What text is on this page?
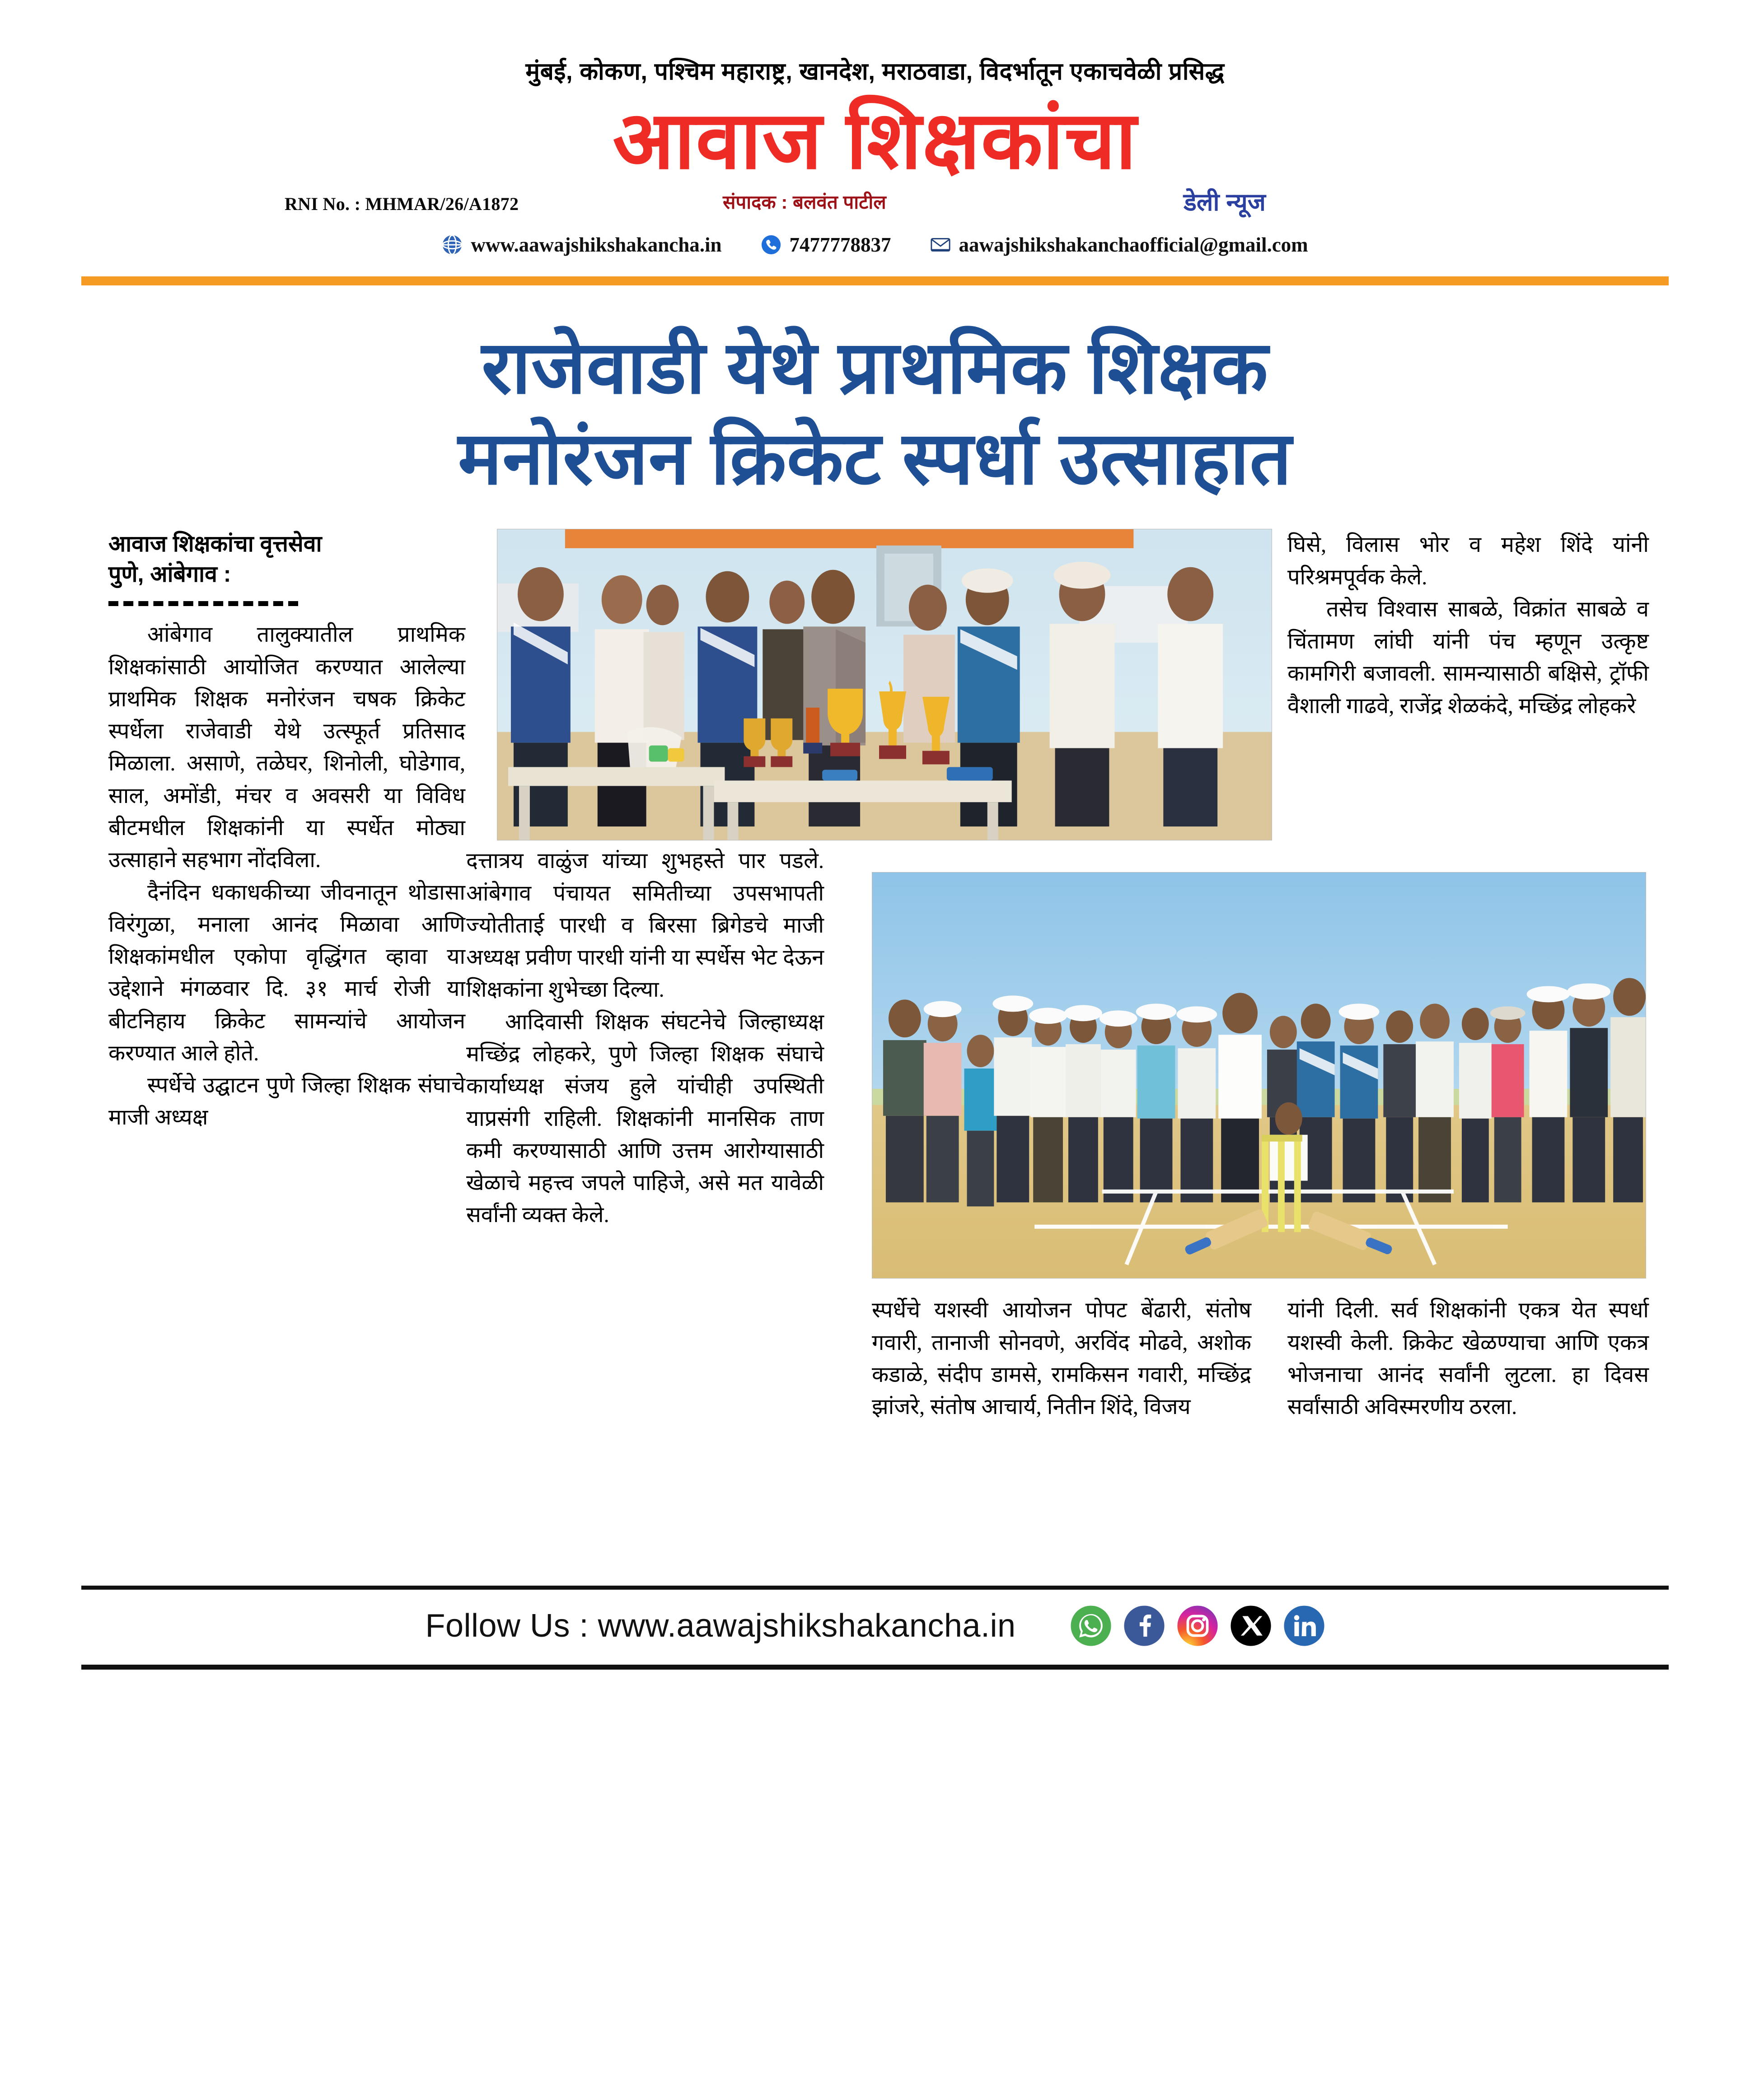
मुंबई, कोकण, पश्चिम महाराष्ट्र, खानदेश, मराठवाडा, विदर्भातून एकाचवेळी प्रसिद्ध
आवाज शिक्षकांचा
RNI No. : MHMAR/26/A1872	संपादक : बलवंत पाटील	डेली न्यूज
www.aawajshikshakancha.in	7477778837	aawajshikshakanchaofficial@gmail.com
राजेवाडी येथे प्राथमिक शिक्षक
मनोरंजन क्रिकेट स्पर्धा उत्साहात
आवाज शिक्षकांचा वृत्तसेवा
पुणे, आंबेगाव :

आंबेगाव तालुक्यातील प्राथमिक शिक्षकांसाठी आयोजित करण्यात आलेल्या प्राथमिक शिक्षक मनोरंजन चषक क्रिकेट स्पर्धेला राजेवाडी येथे उत्स्फूर्त प्रतिसाद मिळाला. असाणे, तळेघर, शिनोली, घोडेगाव, साल, अमोंडी, मंचर व अवसरी या विविध बीटमधील शिक्षकांनी या स्पर्धेत मोठ्या उत्साहाने सहभाग नोंदविला.

दैनंदिन धकाधकीच्या जीवनातून थोडासा विरंगुळा, मनाला आनंद मिळावा आणि शिक्षकांमधील एकोपा वृद्धिंगत व्हावा या उद्देशाने मंगळवार दि. ३१ मार्च रोजी या बीटनिहाय क्रिकेट सामन्यांचे आयोजन करण्यात आले होते.

स्पर्धेचे उद्घाटन पुणे जिल्हा शिक्षक संघाचे माजी अध्यक्ष

दत्तात्रय वाळुंज यांच्या शुभहस्ते पार पडले. आंबेगाव पंचायत समितीच्या उपसभापती ज्योतीताई पारधी व बिरसा ब्रिगेडचे माजी अध्यक्ष प्रवीण पारधी यांनी या स्पर्धेस भेट देऊन शिक्षकांना शुभेच्छा दिल्या.

आदिवासी शिक्षक संघटनेचे जिल्हाध्यक्ष मच्छिंद्र लोहकरे, पुणे जिल्हा शिक्षक संघाचे कार्याध्यक्ष संजय हुले यांचीही उपस्थिती याप्रसंगी राहिली. शिक्षकांनी मानसिक ताण कमी करण्यासाठी आणि उत्तम आरोग्यासाठी खेळाचे महत्त्व जपले पाहिजे, असे मत यावेळी सर्वांनी व्यक्त केले.

स्पर्धेचे यशस्वी आयोजन पोपट बेंढारी, संतोष गवारी, तानाजी सोनवणे, अरविंद मोढवे, अशोक कडाळे, संदीप डामसे, रामकिसन गवारी, मच्छिंद्र झांजरे, संतोष आचार्य, नितीन शिंदे, विजय

घिसे, विलास भोर व महेश शिंदे यांनी परिश्रमपूर्वक केले.

तसेच विश्वास साबळे, विक्रांत साबळे व चिंतामण लांघी यांनी पंच म्हणून उत्कृष्ट कामगिरी बजावली. सामन्यासाठी बक्षिसे, ट्रॉफी वैशाली गाढवे, राजेंद्र शेळकंदे, मच्छिंद्र लोहकरे

यांनी दिली. सर्व शिक्षकांनी एकत्र येत स्पर्धा यशस्वी केली. क्रिकेट खेळण्याचा आणि एकत्र भोजनाचा आनंद सर्वांनी लुटला. हा दिवस सर्वांसाठी अविस्मरणीय ठरला.

Follow Us : www.aawajshikshakancha.in
